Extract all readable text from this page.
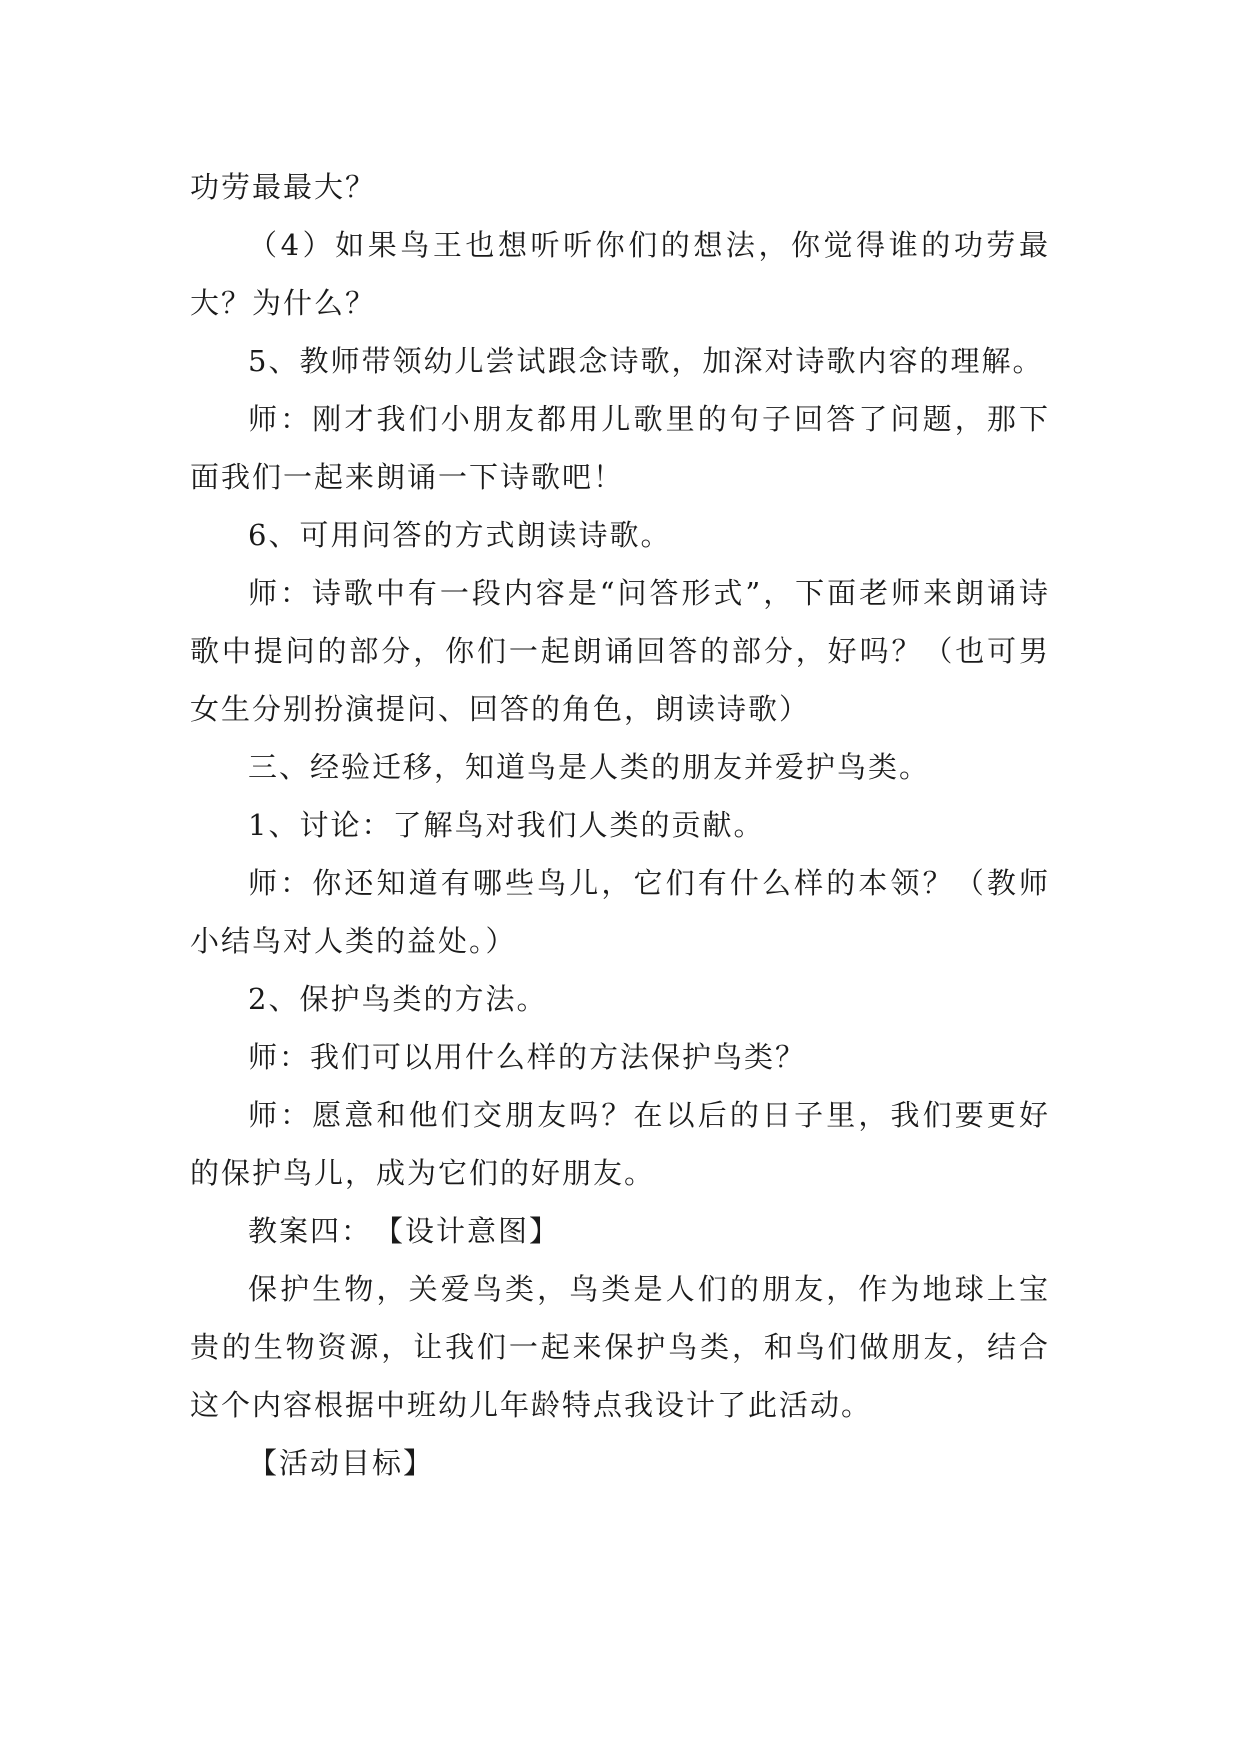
功劳最最大？

（4）如果鸟王也想听听你们的想法，你觉得谁的功劳最大？为什么？

5、教师带领幼儿尝试跟念诗歌，加深对诗歌内容的理解。

师：刚才我们小朋友都用儿歌里的句子回答了问题，那下面我们一起来朗诵一下诗歌吧！

6、可用问答的方式朗读诗歌。

师：诗歌中有一段内容是“问答形式”，下面老师来朗诵诗歌中提问的部分，你们一起朗诵回答的部分，好吗？（也可男女生分别扮演提问、回答的角色，朗读诗歌）

三、经验迁移，知道鸟是人类的朋友并爱护鸟类。

1、讨论：了解鸟对我们人类的贡献。

师：你还知道有哪些鸟儿，它们有什么样的本领？（教师小结鸟对人类的益处。）

2、保护鸟类的方法。

师：我们可以用什么样的方法保护鸟类？

师：愿意和他们交朋友吗？在以后的日子里，我们要更好的保护鸟儿，成为它们的好朋友。

教案四：　【设计意图】

保护生物，关爱鸟类，鸟类是人们的朋友，作为地球上宝贵的生物资源，让我们一起来保护鸟类，和鸟们做朋友，结合这个内容根据中班幼儿年龄特点我设计了此活动。

【活动目标】
